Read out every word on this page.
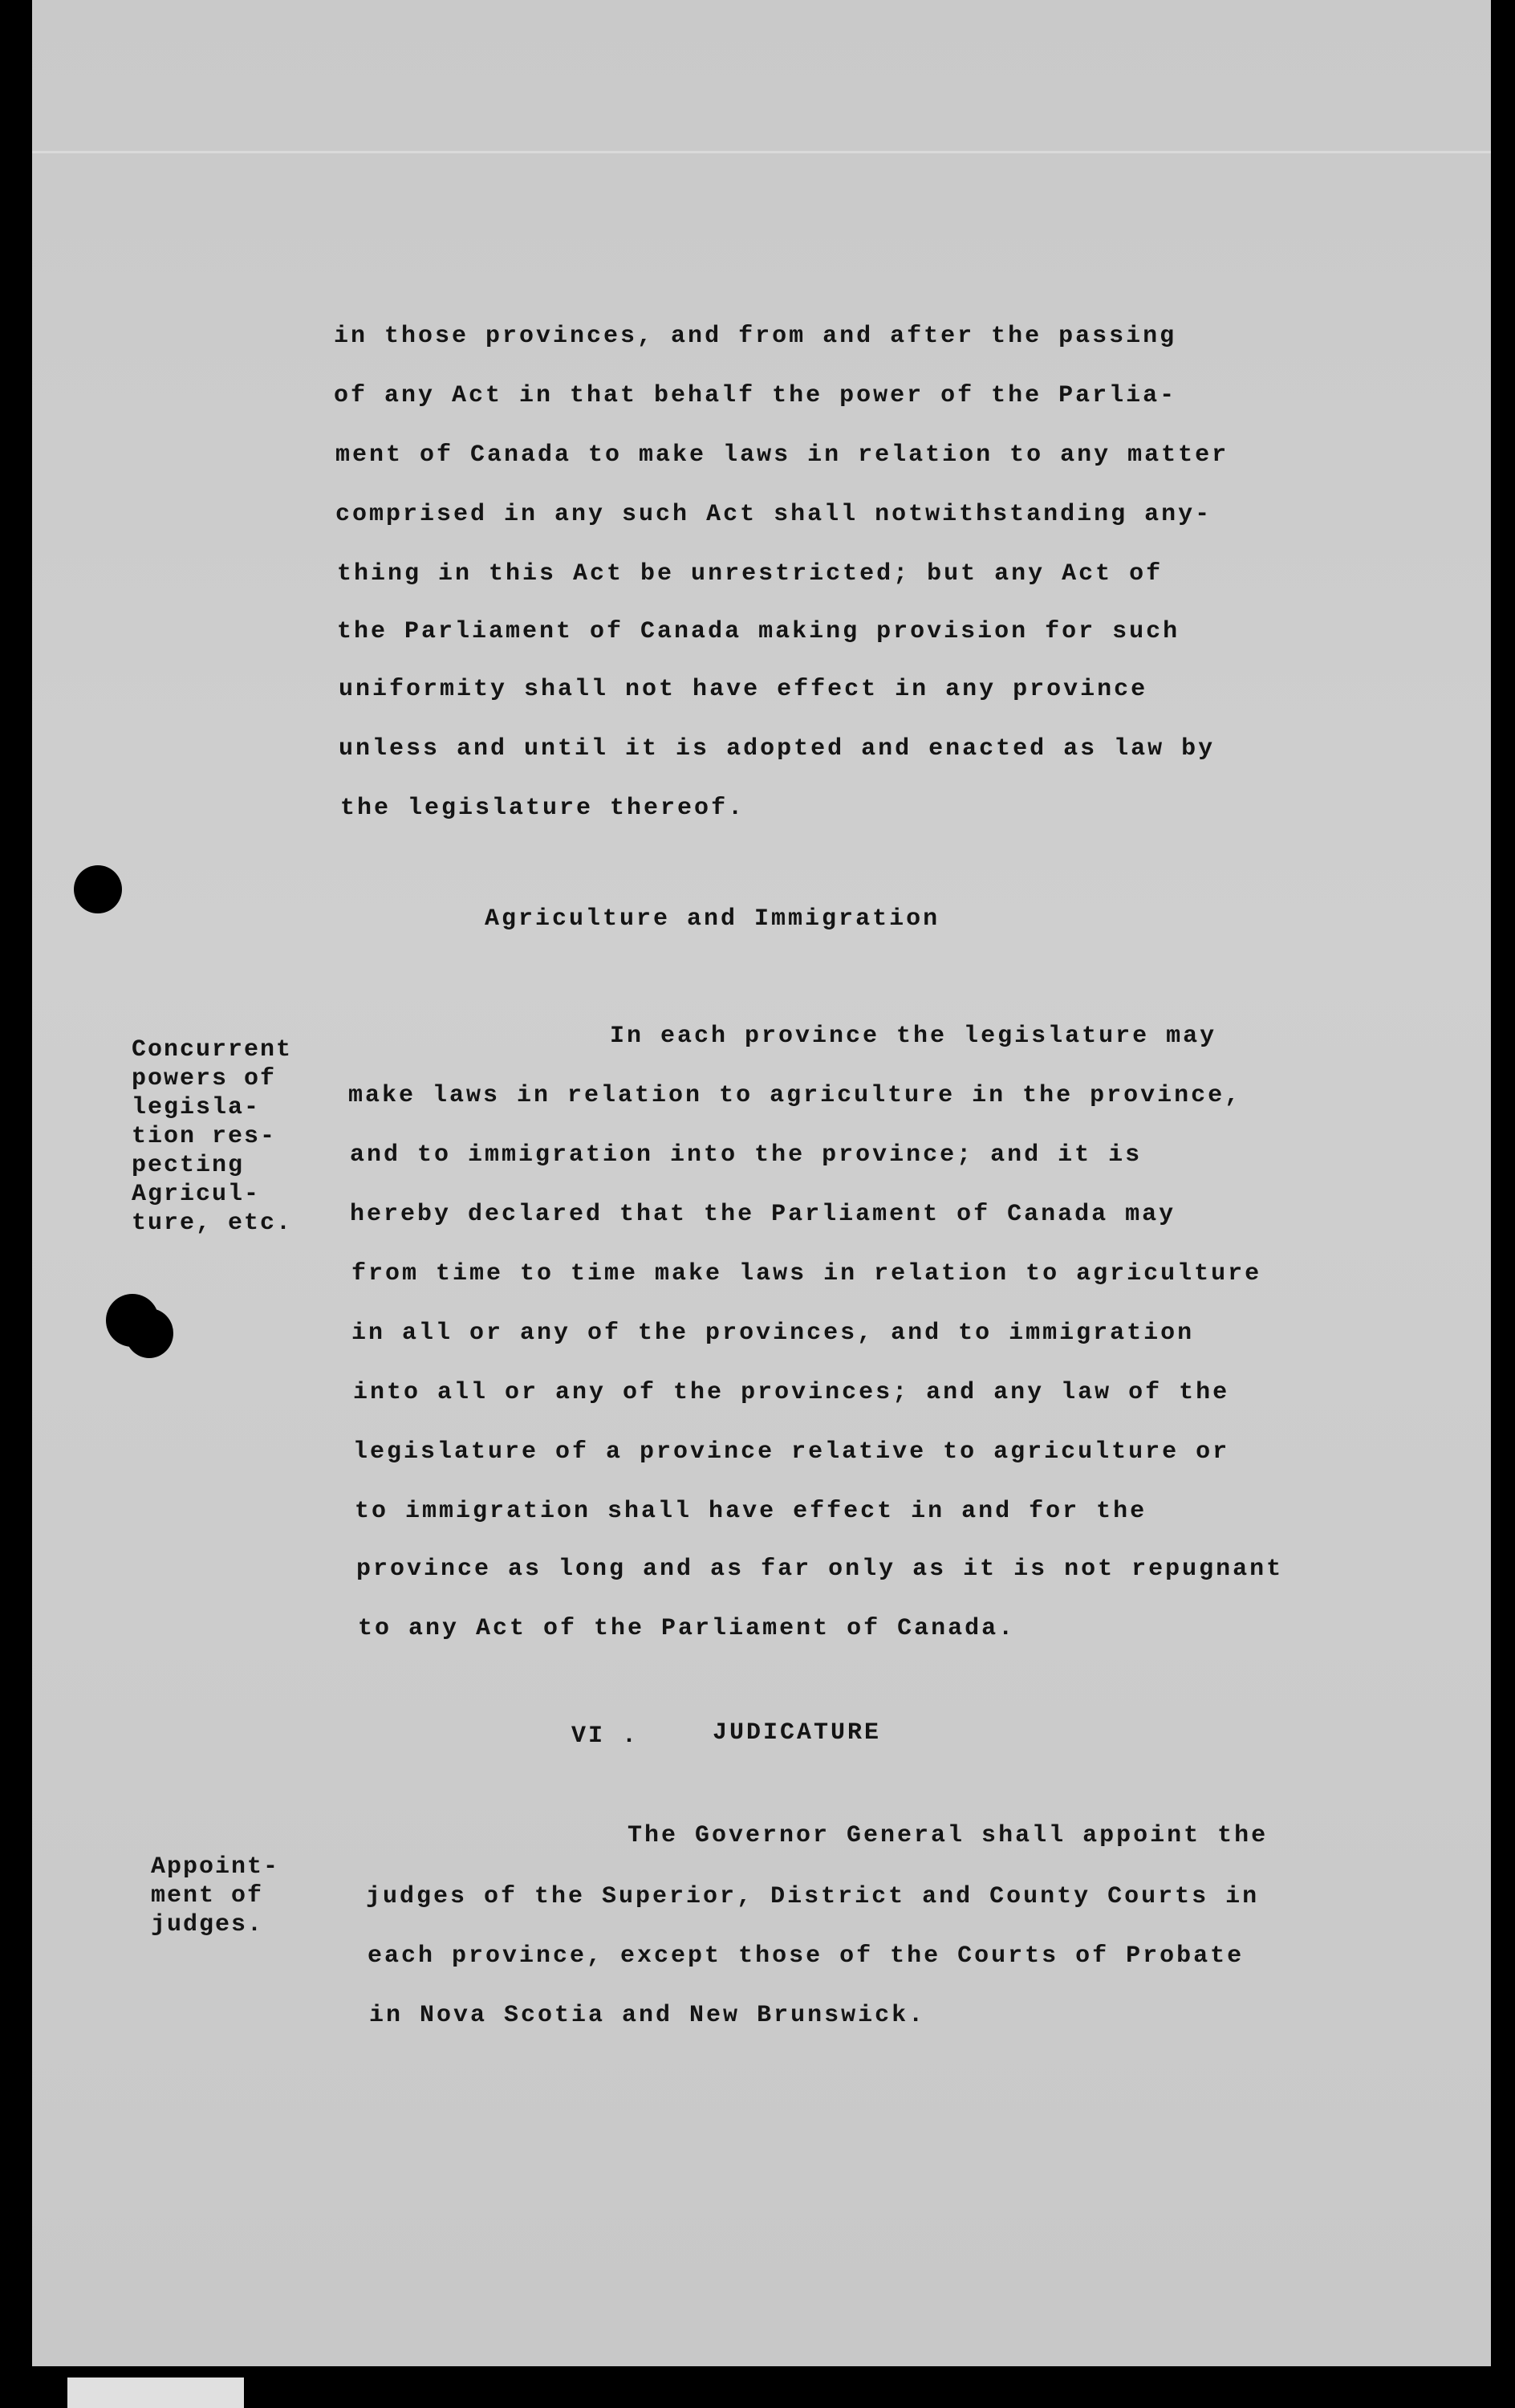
in those provinces, and from and after the passing

of any Act in that behalf the power of the Parlia-

ment of Canada to make laws in relation to any matter

comprised in any such Act shall notwithstanding any-

thing in this Act be unrestricted; but any Act of

the Parliament of Canada making provision for such

uniformity shall not have effect in any province

unless and until it is adopted and enacted as law by

the legislature thereof.

Agriculture and Immigration
Concurrent
powers of
legisla-
tion res-
pecting
Agricul-
ture, etc.

In each province the legislature may

make laws in relation to agriculture in the province,

and to immigration into the province; and it is

hereby declared that the Parliament of Canada may

from time to time make laws in relation to agriculture

in all or any of the provinces, and to immigration

into all or any of the provinces; and any law of the

legislature of a province relative to agriculture or

to immigration shall have effect in and for the

province as long and as far only as it is not repugnant

to any Act of the Parliament of Canada.

VI .	JUDICATURE
Appoint-
ment of
judges.

The Governor General shall appoint the

judges of the Superior, District and County Courts in

each province, except those of the Courts of Probate

in Nova Scotia and New Brunswick.
